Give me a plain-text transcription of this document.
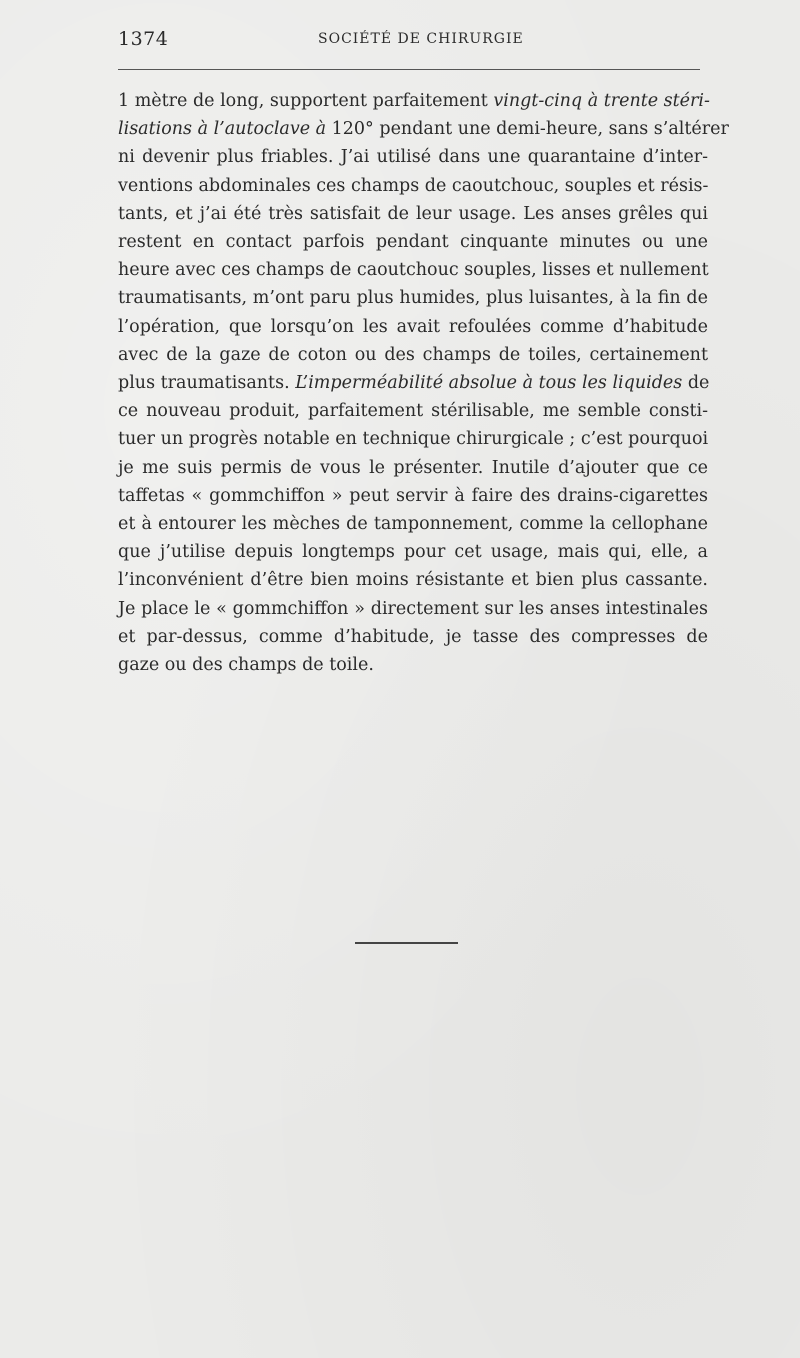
1374	SOCIÉTÉ DE CHIRURGIE
1 mètre de long, supportent parfaitement vingt-cinq à trente stéri-
lisations à l’autoclave à 120° pendant une demi-heure, sans s’altérer
ni devenir plus friables. J’ai utilisé dans une quarantaine d’inter-
ventions abdominales ces champs de caoutchouc, souples et résis-
tants, et j’ai été très satisfait de leur usage. Les anses grêles qui
restent en contact parfois pendant cinquante minutes ou une
heure avec ces champs de caoutchouc souples, lisses et nullement
traumatisants, m’ont paru plus humides, plus luisantes, à la fin de
l’opération, que lorsqu’on les avait refoulées comme d’habitude
avec de la gaze de coton ou des champs de toiles, certainement
plus traumatisants. L’imperméabilité absolue à tous les liquides de
ce nouveau produit, parfaitement stérilisable, me semble consti-
tuer un progrès notable en technique chirurgicale ; c’est pourquoi
je me suis permis de vous le présenter. Inutile d’ajouter que ce
taffetas « gommchiffon » peut servir à faire des drains-cigarettes
et à entourer les mèches de tamponnement, comme la cellophane
que j’utilise depuis longtemps pour cet usage, mais qui, elle, a
l’inconvénient d’être bien moins résistante et bien plus cassante.
Je place le « gommchiffon » directement sur les anses intestinales
et par-dessus, comme d’habitude, je tasse des compresses de
gaze ou des champs de toile.
